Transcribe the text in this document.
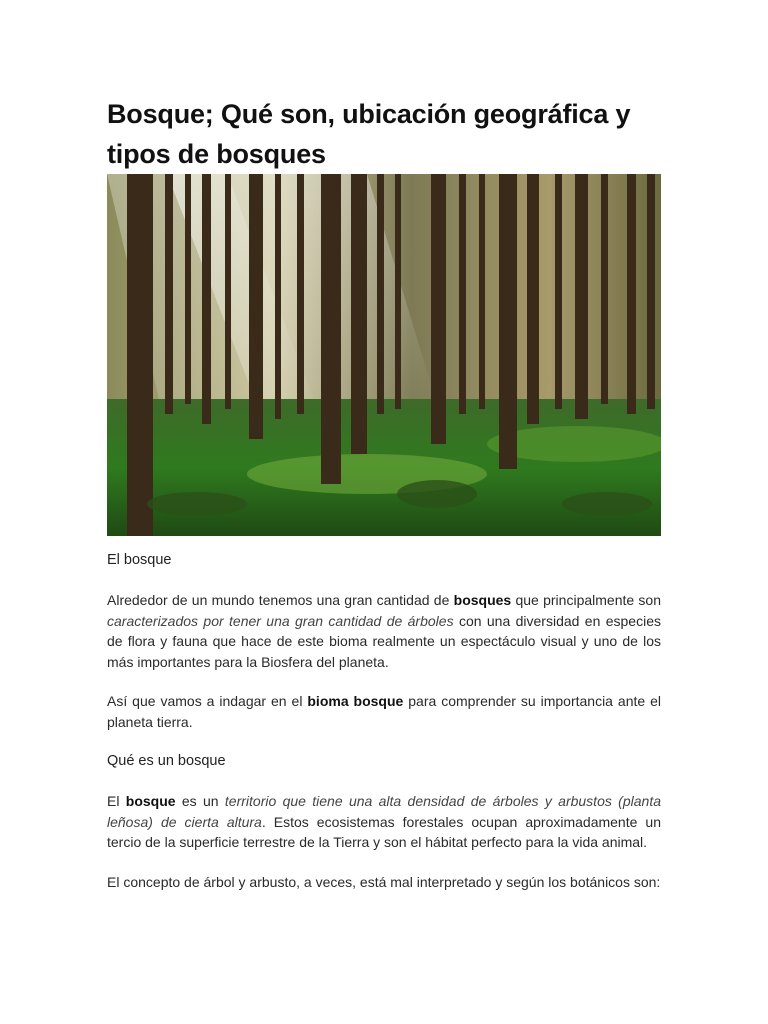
Bosque; Qué son, ubicación geográfica y tipos de bosques
El bosque

Alrededor de un mundo tenemos una gran cantidad de bosques que principalmente son caracterizados por tener una gran cantidad de árboles con una diversidad en especies de flora y fauna que hace de este bioma realmente un espectáculo visual y uno de los más importantes para la Biosfera del planeta.

Así que vamos a indagar en el bioma bosque para comprender su importancia ante el planeta tierra.

Qué es un bosque

El bosque es un territorio que tiene una alta densidad de árboles y arbustos (planta leñosa) de cierta altura. Estos ecosistemas forestales ocupan aproximadamente un tercio de la superficie terrestre de la Tierra y son el hábitat perfecto para la vida animal.

El concepto de árbol y arbusto, a veces, está mal interpretado y según los botánicos son:
